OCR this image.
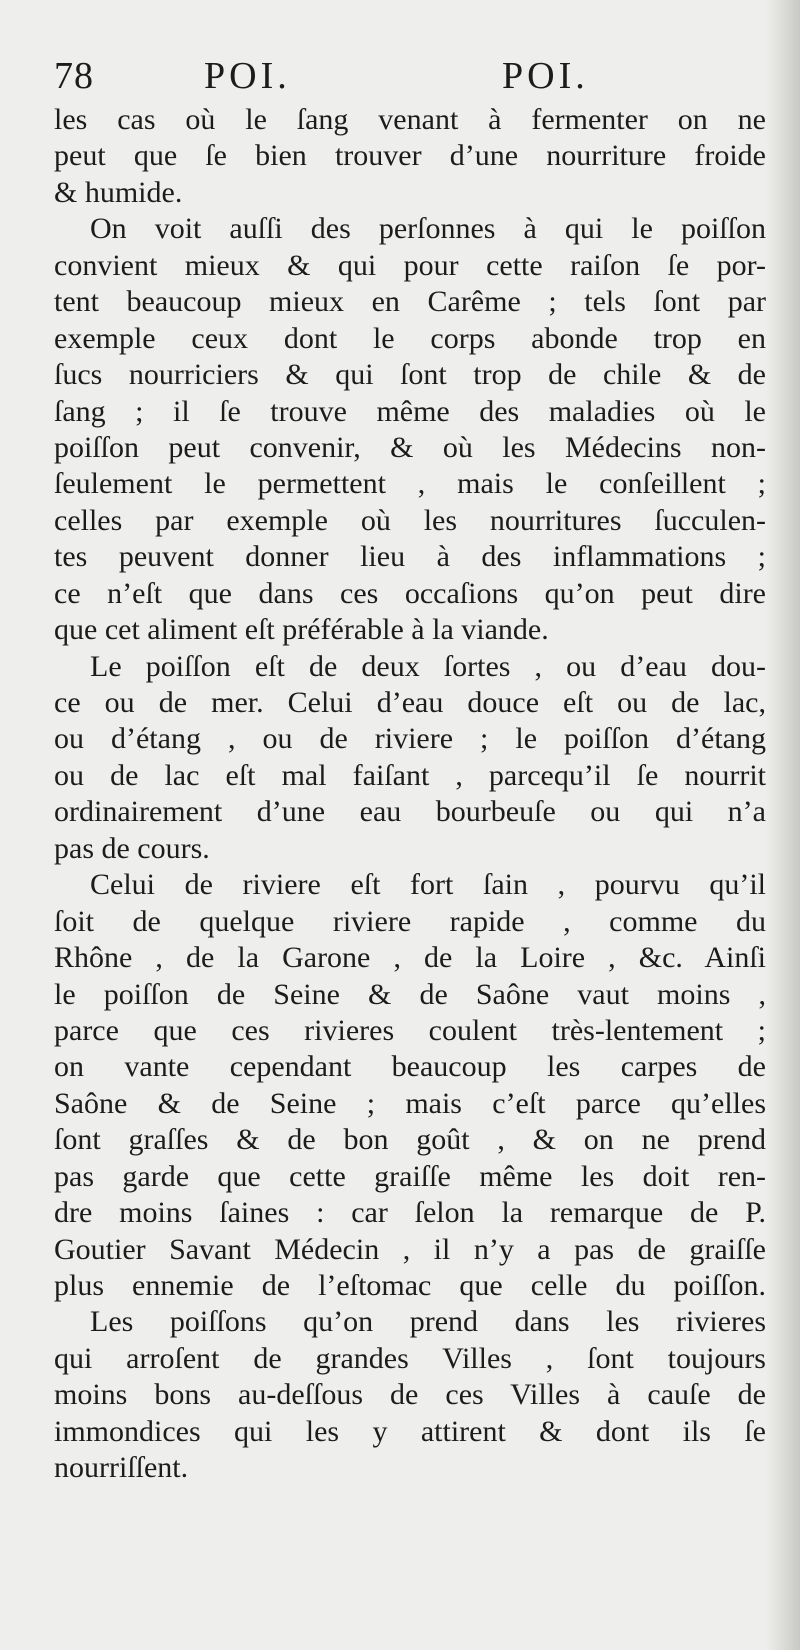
78	POI.	POI.
les cas où le ſang venant à fermenter on ne
peut que ſe bien trouver d’une nourriture froide
& humide.
On voit auſſi des perſonnes à qui le poiſſon
convient mieux & qui pour cette raiſon ſe por-
tent beaucoup mieux en Carême ; tels ſont par
exemple ceux dont le corps abonde trop en
ſucs nourriciers & qui ſont trop de chile & de
ſang ; il ſe trouve même des maladies où le
poiſſon peut convenir, & où les Médecins non-
ſeulement le permettent , mais le conſeillent ;
celles par exemple où les nourritures ſucculen-
tes peuvent donner lieu à des inflammations ;
ce n’eſt que dans ces occaſions qu’on peut dire
que cet aliment eſt préférable à la viande.
Le poiſſon eſt de deux ſortes , ou d’eau dou-
ce ou de mer. Celui d’eau douce eſt ou de lac,
ou d’étang , ou de riviere ; le poiſſon d’étang
ou de lac eſt mal faiſant , parcequ’il ſe nourrit
ordinairement d’une eau bourbeuſe ou qui n’a
pas de cours.
Celui de riviere eſt fort ſain , pourvu qu’il
ſoit de quelque riviere rapide , comme du
Rhône , de la Garone , de la Loire , &c. Ainſi
le poiſſon de Seine & de Saône vaut moins ,
parce que ces rivieres coulent très-lentement ;
on vante cependant beaucoup les carpes de
Saône & de Seine ; mais c’eſt parce qu’elles
ſont graſſes & de bon goût , & on ne prend
pas garde que cette graiſſe même les doit ren-
dre moins ſaines : car ſelon la remarque de P.
Goutier Savant Médecin , il n’y a pas de graiſſe
plus ennemie de l’eſtomac que celle du poiſſon.
Les poiſſons qu’on prend dans les rivieres
qui arroſent de grandes Villes , ſont toujours
moins bons au-deſſous de ces Villes à cauſe de
immondices qui les y attirent & dont ils ſe
nourriſſent.
